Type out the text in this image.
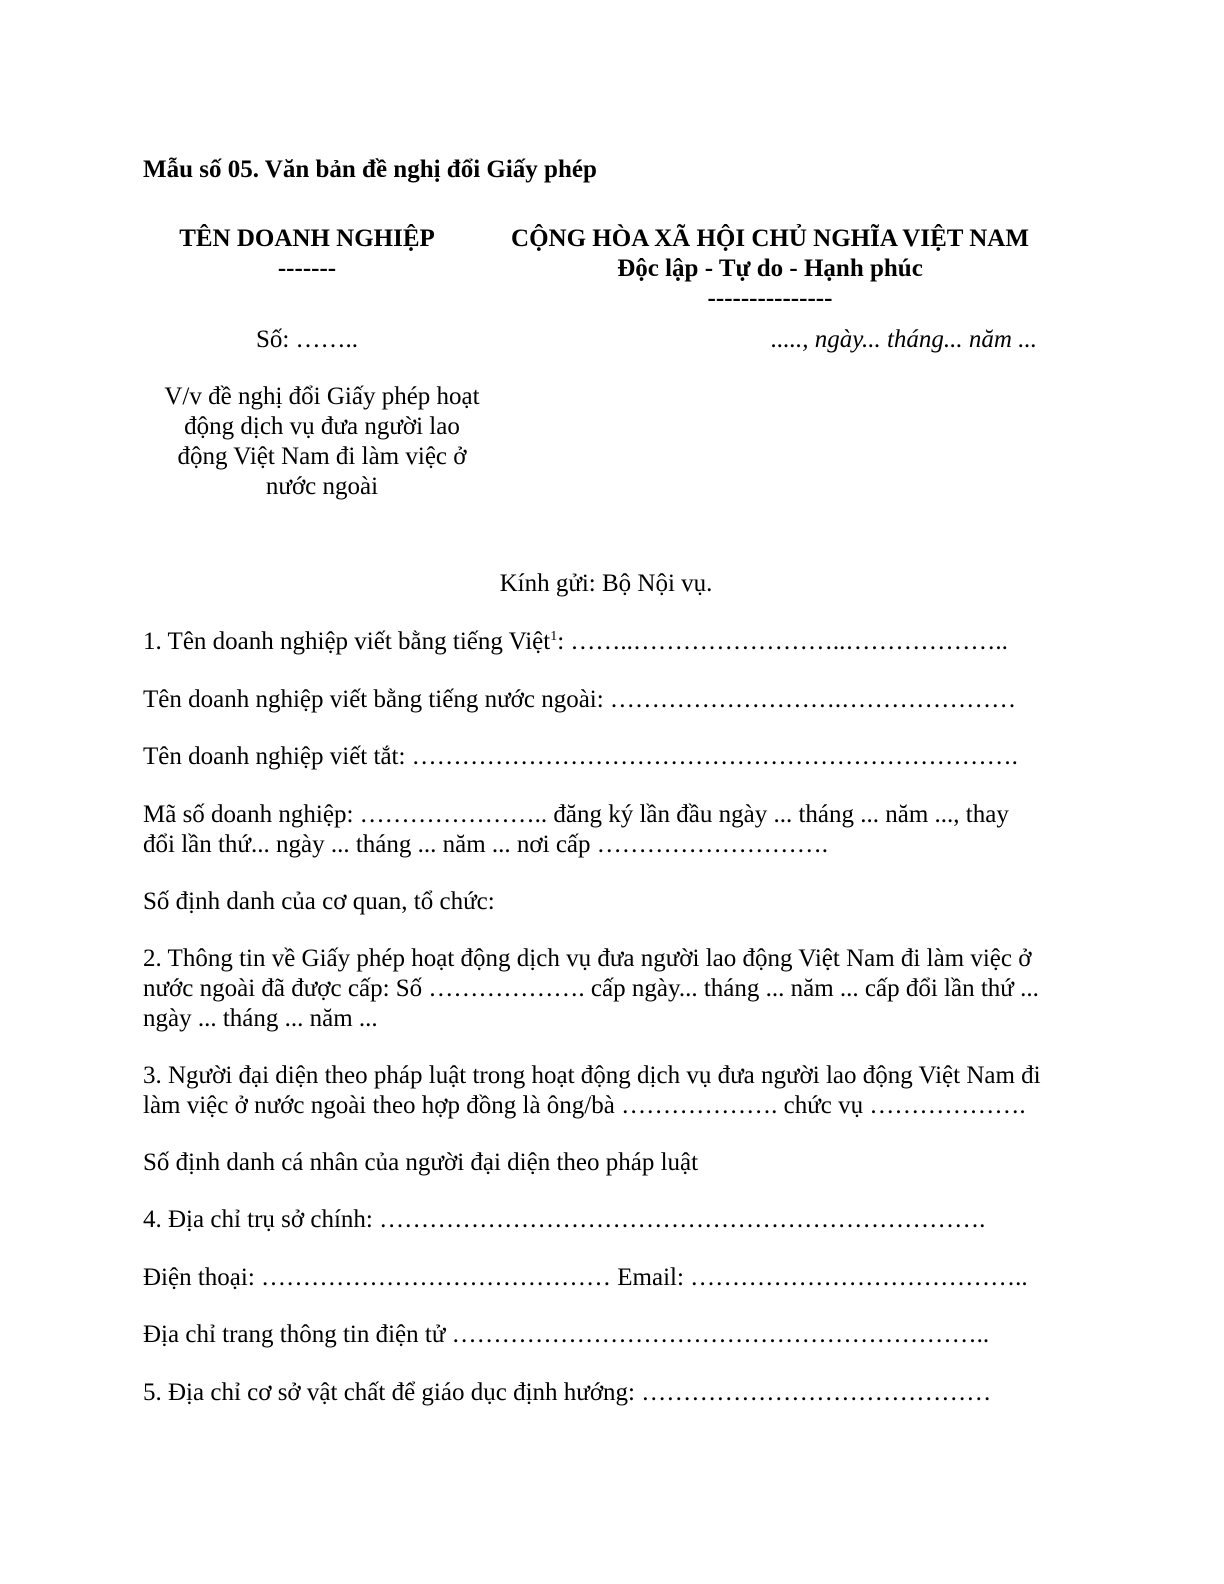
Mẫu số 05. Văn bản đề nghị đổi Giấy phép
TÊN DOANH NGHIỆP
-------
Số: ……..
V/v đề nghị đổi Giấy phép hoạt
động dịch vụ đưa người lao
động Việt Nam đi làm việc ở
nước ngoài
CỘNG HÒA XÃ HỘI CHỦ NGHĨA VIỆT NAM
Độc lập - Tự do - Hạnh phúc
---------------
....., ngày... tháng... năm ...
Kính gửi: Bộ Nội vụ.
1. Tên doanh nghiệp viết bằng tiếng Việt$^1$: ……..……………………..………………..
Tên doanh nghiệp viết bằng tiếng nước ngoài: ……………………….…………………
Tên doanh nghiệp viết tắt: ……………………………………………………………….
Mã số doanh nghiệp: ………………….. đăng ký lần đầu ngày ... tháng ... năm ..., thay
đổi lần thứ... ngày ... tháng ... năm ... nơi cấp ……………………….
Số định danh của cơ quan, tổ chức:
2. Thông tin về Giấy phép hoạt động dịch vụ đưa người lao động Việt Nam đi làm việc ở
nước ngoài đã được cấp: Số ………………. cấp ngày... tháng ... năm ... cấp đổi lần thứ ...
ngày ... tháng ... năm ...
3. Người đại diện theo pháp luật trong hoạt động dịch vụ đưa người lao động Việt Nam đi
làm việc ở nước ngoài theo hợp đồng là ông/bà ………………. chức vụ ……………….
Số định danh cá nhân của người đại diện theo pháp luật
4. Địa chỉ trụ sở chính: ……………………………………………………………….
Điện thoại: …………………………………… Email: …………………………………..
Địa chỉ trang thông tin điện tử ………………………………………………………..
5. Địa chỉ cơ sở vật chất để giáo dục định hướng: ……………………………………
